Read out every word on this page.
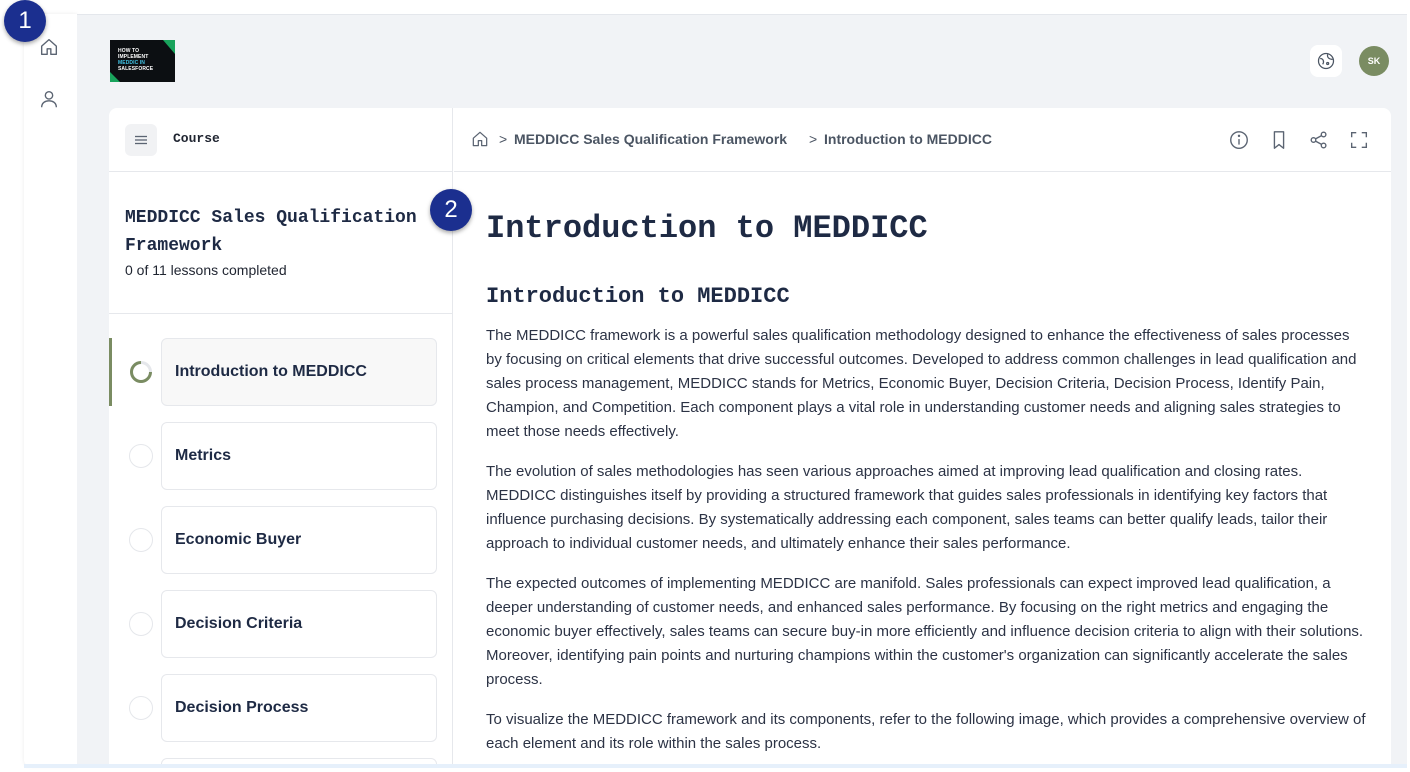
HOW TO
IMPLEMENT
MEDDIC IN
SALESFORCE
SK
Course
MEDDICC Sales Qualification Framework
0 of 11 lessons completed
Introduction to MEDDICC
Metrics
Economic Buyer
Decision Criteria
Decision Process
> MEDDICC Sales Qualification Framework > Introduction to MEDDICC
Introduction to MEDDICC
Introduction to MEDDICC

The MEDDICC framework is a powerful sales qualification methodology designed to enhance the effectiveness of sales processes by focusing on critical elements that drive successful outcomes. Developed to address common challenges in lead qualification and sales process management, MEDDICC stands for Metrics, Economic Buyer, Decision Criteria, Decision Process, Identify Pain, Champion, and Competition. Each component plays a vital role in understanding customer needs and aligning sales strategies to meet those needs effectively.

The evolution of sales methodologies has seen various approaches aimed at improving lead qualification and closing rates. MEDDICC distinguishes itself by providing a structured framework that guides sales professionals in identifying key factors that influence purchasing decisions. By systematically addressing each component, sales teams can better qualify leads, tailor their approach to individual customer needs, and ultimately enhance their sales performance.

The expected outcomes of implementing MEDDICC are manifold. Sales professionals can expect improved lead qualification, a deeper understanding of customer needs, and enhanced sales performance. By focusing on the right metrics and engaging the economic buyer effectively, sales teams can secure buy-in more efficiently and influence decision criteria to align with their solutions. Moreover, identifying pain points and nurturing champions within the customer's organization can significantly accelerate the sales process.

To visualize the MEDDICC framework and its components, refer to the following image, which provides a comprehensive overview of each element and its role within the sales process.

1
2
